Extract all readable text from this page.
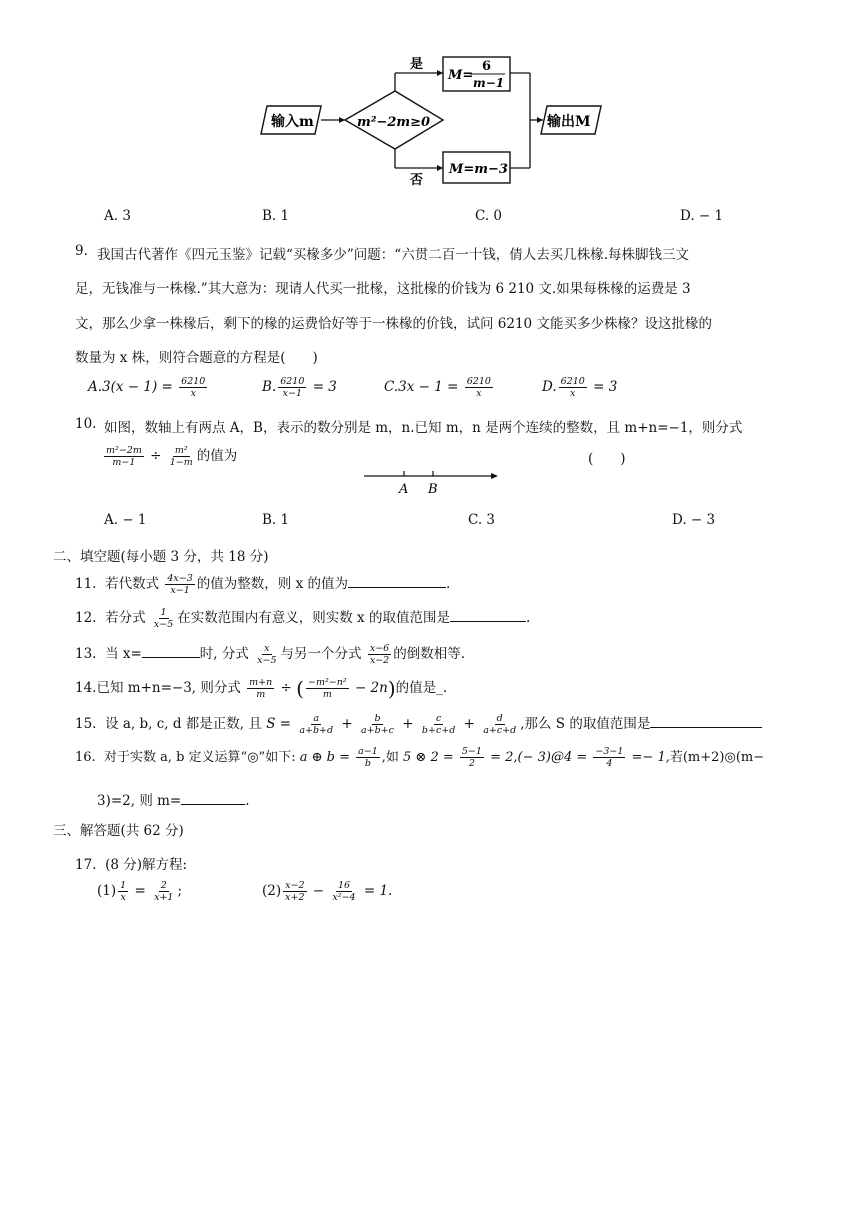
输入m	m²−2m≥0
是
M=
6
m−1
否
M=m−3
输出M
A. 3	B. 1	C. 0	D. − 1
9. 我国古代著作《四元玉鉴》记载“买椽多少”问题：“六贯二百一十钱，倩人去买几株椽.每株脚钱三文
足，无钱准与一株椽.”其大意为：现请人代买一批椽，这批椽的价钱为 6 210 文.如果每株椽的运费是 3
文，那么少拿一株椽后，剩下的椽的运费恰好等于一株椽的价钱，试问 6210 文能买多少株椽？设这批椽的
数量为 x 株，则符合题意的方程是(　　)
$A.3(x - 1) = \frac{6210}{x}$	B. $\frac{6210}{x-1} = 3$	$C.3x - 1 = \frac{6210}{x}$	D. $\frac{6210}{x} = 3$
10. 如图，数轴上有两点 A，B，表示的数分别是 m，n.已知 m，n 是两个连续的整数，且 m+n=−1，则分式
$\frac{\text{m²−2m}}{m-1} \div \frac{\text{m²}}{1-m}$ 的值为	(　　)
A B
A. − 1	B. 1	C. 3	D. − 3
二、填空题(每小题 3 分，共 18 分)
11. 若代数式 $\frac{4x-3}{x-1}$ 的值为整数，则 x 的值为	.
12. 若分式 $\frac{1}{x-5}$ 在实数范围内有意义，则实数 x 的取值范围是	.
13. 当 x=	时, 分式 $\frac{x}{x-5}$ 与另一个分式 $\frac{x-6}{x-2}$ 的倒数相等.
14.已知 m+n=−3, 则分式 $\frac{m+n}{m}$ ÷ ( $\frac{\text{−m²−n²}}{m} - 2n$)的值是_.
15. 设 a, b, c, d 都是正数, 且 $S = \frac{a}{a+b+d} + \frac{b}{a+b+c} + \frac{c}{b+c+d} + \frac{d}{a+c+d}$ ,那么 S 的取值范围是
16. 对于实数 a, b 定义运算“◎”如下: a ⊕ $b = \frac{a-1}{b}$ ,如 5 ⊗ $2 = \frac{5-1}{2} = 2,(-$ 3)@4 = $\frac{-3-1}{4} =- 1$,若(m+2)◎(m−
3)=2, 则 m=	.
三、解答题(共 62 分)
17. (8 分)解方程:
$(1) \frac{1}{x} = \frac{2}{x+1}$ ;	$(2) \frac{x-2}{x+2} - \frac{16}{\text{x²−4}} = 1$.
